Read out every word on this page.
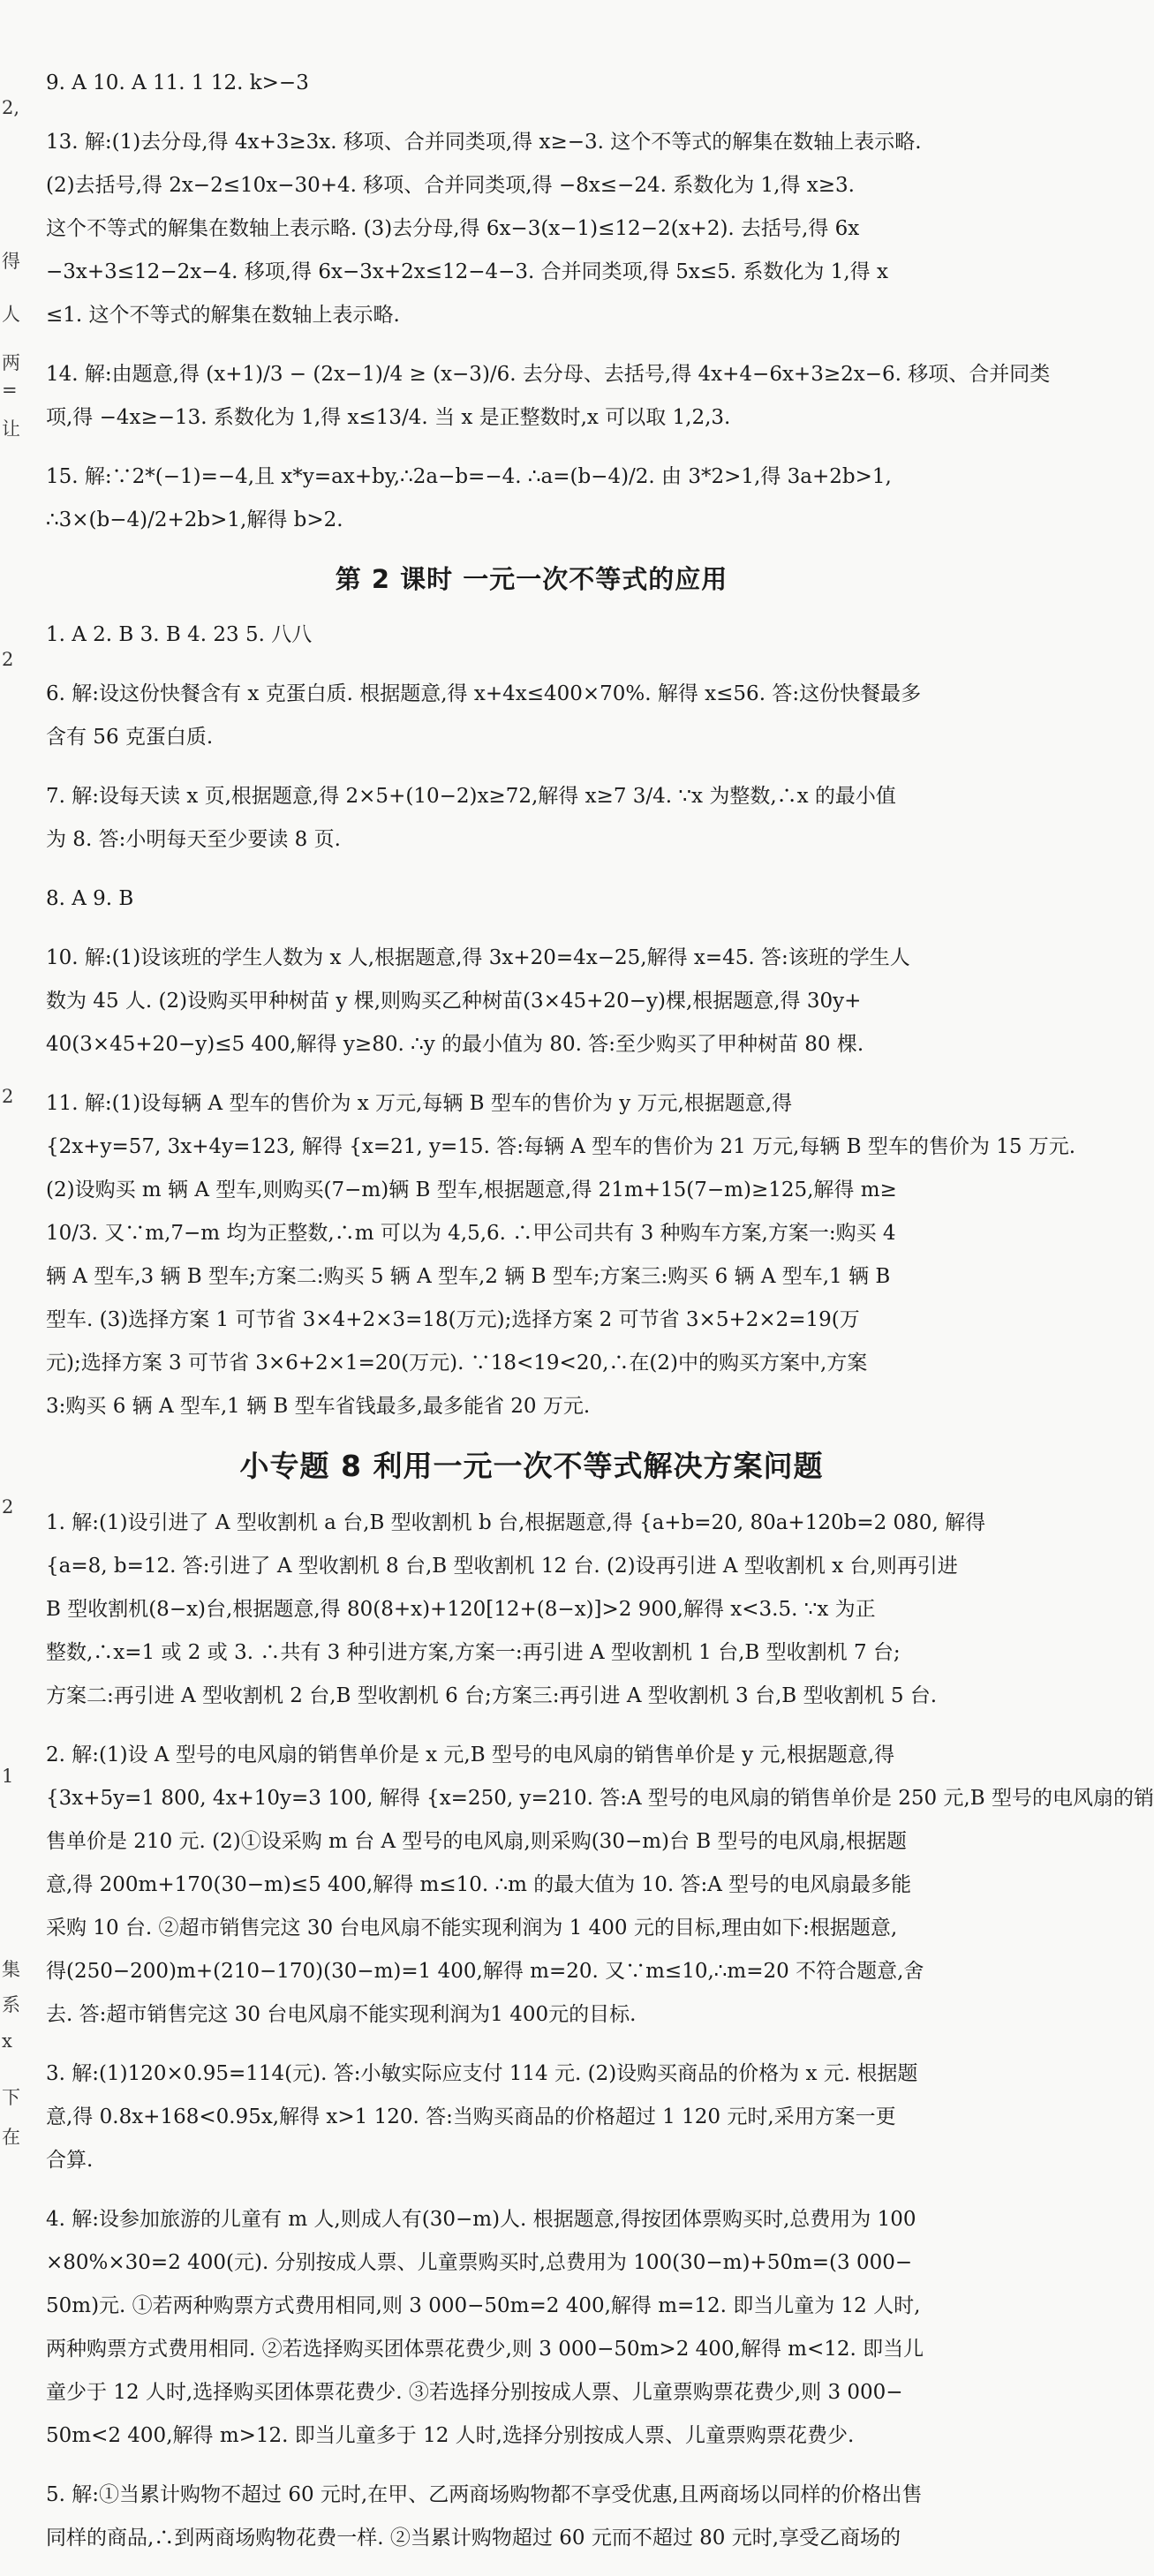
2,
得
人
两
=
让
2
2
2
1
集
系
x
下
在
9. A 10. A 11. 1 12. k>−3
13. 解:(1)去分母,得 4x+3≥3x. 移项、合并同类项,得 x≥−3. 这个不等式的解集在数轴上表示略.
(2)去括号,得 2x−2≤10x−30+4. 移项、合并同类项,得 −8x≤−24. 系数化为 1,得 x≥3.
这个不等式的解集在数轴上表示略. (3)去分母,得 6x−3(x−1)≤12−2(x+2). 去括号,得 6x
−3x+3≤12−2x−4. 移项,得 6x−3x+2x≤12−4−3. 合并同类项,得 5x≤5. 系数化为 1,得 x
≤1. 这个不等式的解集在数轴上表示略.
14. 解:由题意,得 (x+1)/3 − (2x−1)/4 ≥ (x−3)/6. 去分母、去括号,得 4x+4−6x+3≥2x−6. 移项、合并同类
项,得 −4x≥−13. 系数化为 1,得 x≤13/4. 当 x 是正整数时,x 可以取 1,2,3.
15. 解:∵2*(−1)=−4,且 x*y=ax+by,∴2a−b=−4. ∴a=(b−4)/2. 由 3*2>1,得 3a+2b>1,
∴3×(b−4)/2+2b>1,解得 b>2.
第 2 课时 一元一次不等式的应用
1. A 2. B 3. B 4. 23 5. 八八
6. 解:设这份快餐含有 x 克蛋白质. 根据题意,得 x+4x≤400×70%. 解得 x≤56. 答:这份快餐最多
含有 56 克蛋白质.
7. 解:设每天读 x 页,根据题意,得 2×5+(10−2)x≥72,解得 x≥7 3/4. ∵x 为整数,∴x 的最小值
为 8. 答:小明每天至少要读 8 页.
8. A 9. B
10. 解:(1)设该班的学生人数为 x 人,根据题意,得 3x+20=4x−25,解得 x=45. 答:该班的学生人
数为 45 人. (2)设购买甲种树苗 y 棵,则购买乙种树苗(3×45+20−y)棵,根据题意,得 30y+
40(3×45+20−y)≤5 400,解得 y≥80. ∴y 的最小值为 80. 答:至少购买了甲种树苗 80 棵.
11. 解:(1)设每辆 A 型车的售价为 x 万元,每辆 B 型车的售价为 y 万元,根据题意,得
{2x+y=57, 3x+4y=123, 解得 {x=21, y=15. 答:每辆 A 型车的售价为 21 万元,每辆 B 型车的售价为 15 万元.
(2)设购买 m 辆 A 型车,则购买(7−m)辆 B 型车,根据题意,得 21m+15(7−m)≥125,解得 m≥
10/3. 又∵m,7−m 均为正整数,∴m 可以为 4,5,6. ∴甲公司共有 3 种购车方案,方案一:购买 4
辆 A 型车,3 辆 B 型车;方案二:购买 5 辆 A 型车,2 辆 B 型车;方案三:购买 6 辆 A 型车,1 辆 B
型车. (3)选择方案 1 可节省 3×4+2×3=18(万元);选择方案 2 可节省 3×5+2×2=19(万
元);选择方案 3 可节省 3×6+2×1=20(万元). ∵18<19<20,∴在(2)中的购买方案中,方案
3:购买 6 辆 A 型车,1 辆 B 型车省钱最多,最多能省 20 万元.
小专题 8 利用一元一次不等式解决方案问题
1. 解:(1)设引进了 A 型收割机 a 台,B 型收割机 b 台,根据题意,得 {a+b=20, 80a+120b=2 080, 解得
{a=8, b=12. 答:引进了 A 型收割机 8 台,B 型收割机 12 台. (2)设再引进 A 型收割机 x 台,则再引进
B 型收割机(8−x)台,根据题意,得 80(8+x)+120[12+(8−x)]>2 900,解得 x<3.5. ∵x 为正
整数,∴x=1 或 2 或 3. ∴共有 3 种引进方案,方案一:再引进 A 型收割机 1 台,B 型收割机 7 台;
方案二:再引进 A 型收割机 2 台,B 型收割机 6 台;方案三:再引进 A 型收割机 3 台,B 型收割机 5 台.
2. 解:(1)设 A 型号的电风扇的销售单价是 x 元,B 型号的电风扇的销售单价是 y 元,根据题意,得
{3x+5y=1 800, 4x+10y=3 100, 解得 {x=250, y=210. 答:A 型号的电风扇的销售单价是 250 元,B 型号的电风扇的销
售单价是 210 元. (2)①设采购 m 台 A 型号的电风扇,则采购(30−m)台 B 型号的电风扇,根据题
意,得 200m+170(30−m)≤5 400,解得 m≤10. ∴m 的最大值为 10. 答:A 型号的电风扇最多能
采购 10 台. ②超市销售完这 30 台电风扇不能实现利润为 1 400 元的目标,理由如下:根据题意,
得(250−200)m+(210−170)(30−m)=1 400,解得 m=20. 又∵m≤10,∴m=20 不符合题意,舍
去. 答:超市销售完这 30 台电风扇不能实现利润为1 400元的目标.
3. 解:(1)120×0.95=114(元). 答:小敏实际应支付 114 元. (2)设购买商品的价格为 x 元. 根据题
意,得 0.8x+168<0.95x,解得 x>1 120. 答:当购买商品的价格超过 1 120 元时,采用方案一更
合算.
4. 解:设参加旅游的儿童有 m 人,则成人有(30−m)人. 根据题意,得按团体票购买时,总费用为 100
×80%×30=2 400(元). 分别按成人票、儿童票购买时,总费用为 100(30−m)+50m=(3 000−
50m)元. ①若两种购票方式费用相同,则 3 000−50m=2 400,解得 m=12. 即当儿童为 12 人时,
两种购票方式费用相同. ②若选择购买团体票花费少,则 3 000−50m>2 400,解得 m<12. 即当儿
童少于 12 人时,选择购买团体票花费少. ③若选择分别按成人票、儿童票购票花费少,则 3 000−
50m<2 400,解得 m>12. 即当儿童多于 12 人时,选择分别按成人票、儿童票购票花费少.
5. 解:①当累计购物不超过 60 元时,在甲、乙两商场购物都不享受优惠,且两商场以同样的价格出售
同样的商品,∴到两商场购物花费一样. ②当累计购物超过 60 元而不超过 80 元时,享受乙商场的
